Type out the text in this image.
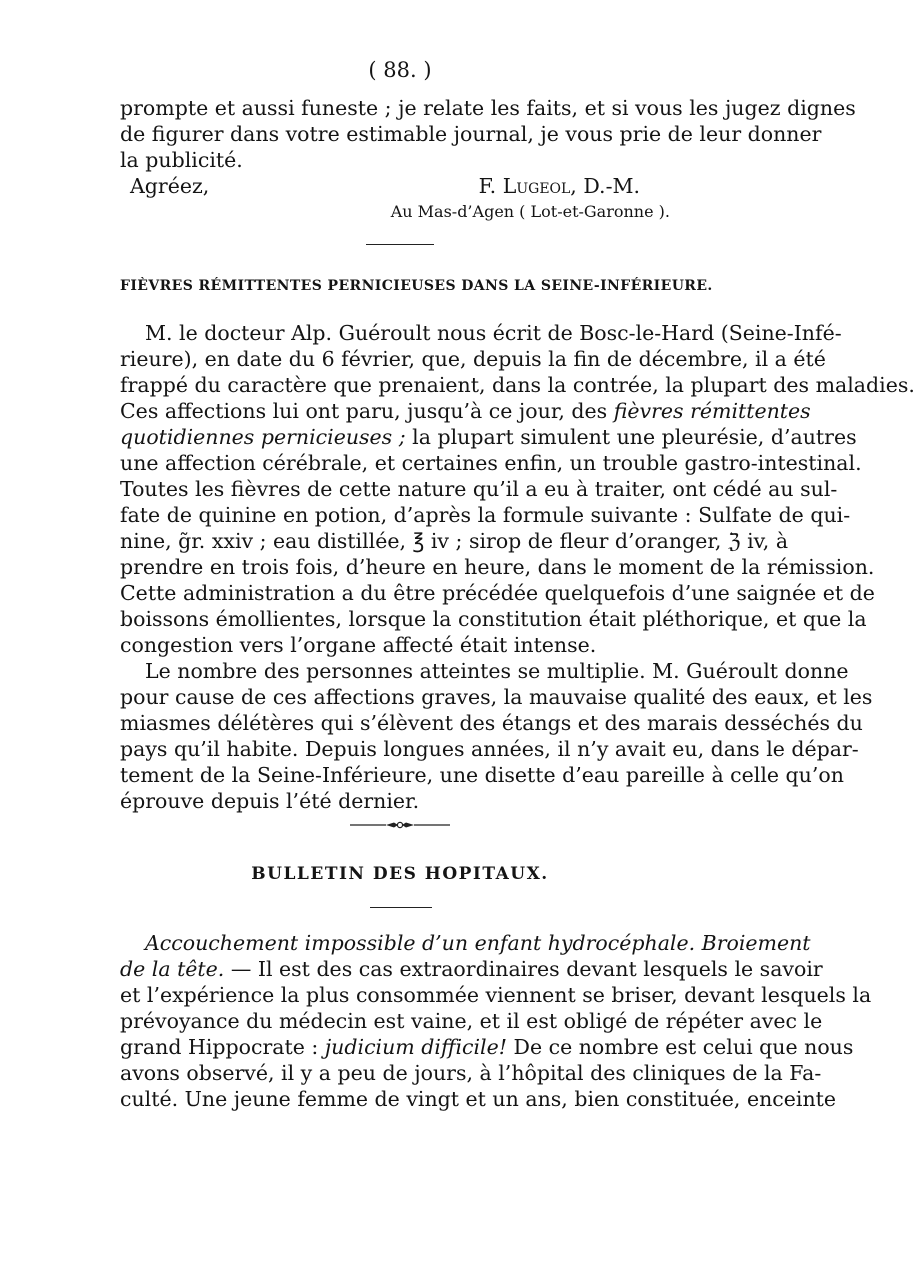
( 88. )
prompte et aussi funeste ; je relate les faits, et si vous les jugez dignes
de figurer dans votre estimable journal, je vous prie de leur donner
la publicité.
Agréez,	F. Lugeol, D.-M.
Au Mas-d’Agen ( Lot-et-Garonne ).
FIÈVRES RÉMITTENTES PERNICIEUSES DANS LA SEINE-INFÉRIEURE.
M. le docteur Alp. Guéroult nous écrit de Bosc-le-Hard (Seine-Infé-
rieure), en date du 6 février, que, depuis la fin de décembre, il a été
frappé du caractère que prenaient, dans la contrée, la plupart des maladies.
Ces affections lui ont paru, jusqu’à ce jour, des fièvres rémittentes
quotidiennes pernicieuses ; la plupart simulent une pleurésie, d’autres
une affection cérébrale, et certaines enfin, un trouble gastro-intestinal.
Toutes les fièvres de cette nature qu’il a eu à traiter, ont cédé au sul-
fate de quinine en potion, d’après la formule suivante : Sulfate de qui-
nine, g̃r. xxiv ; eau distillée, ℥ iv ; sirop de fleur d’oranger, ℨ iv, à
prendre en trois fois, d’heure en heure, dans le moment de la rémission.
Cette administration a du être précédée quelquefois d’une saignée et de
boissons émollientes, lorsque la constitution était pléthorique, et que la
congestion vers l’organe affecté était intense.
Le nombre des personnes atteintes se multiplie. M. Guéroult donne
pour cause de ces affections graves, la mauvaise qualité des eaux, et les
miasmes délétères qui s’élèvent des étangs et des marais desséchés du
pays qu’il habite. Depuis longues années, il n’y avait eu, dans le dépar-
tement de la Seine-Inférieure, une disette d’eau pareille à celle qu’on
éprouve depuis l’été dernier.
BULLETIN DES HOPITAUX.
Accouchement impossible d’un enfant hydrocéphale. Broiement
de la tête. — Il est des cas extraordinaires devant lesquels le savoir
et l’expérience la plus consommée viennent se briser, devant lesquels la
prévoyance du médecin est vaine, et il est obligé de répéter avec le
grand Hippocrate : judicium difficile! De ce nombre est celui que nous
avons observé, il y a peu de jours, à l’hôpital des cliniques de la Fa-
culté. Une jeune femme de vingt et un ans, bien constituée, enceinte
